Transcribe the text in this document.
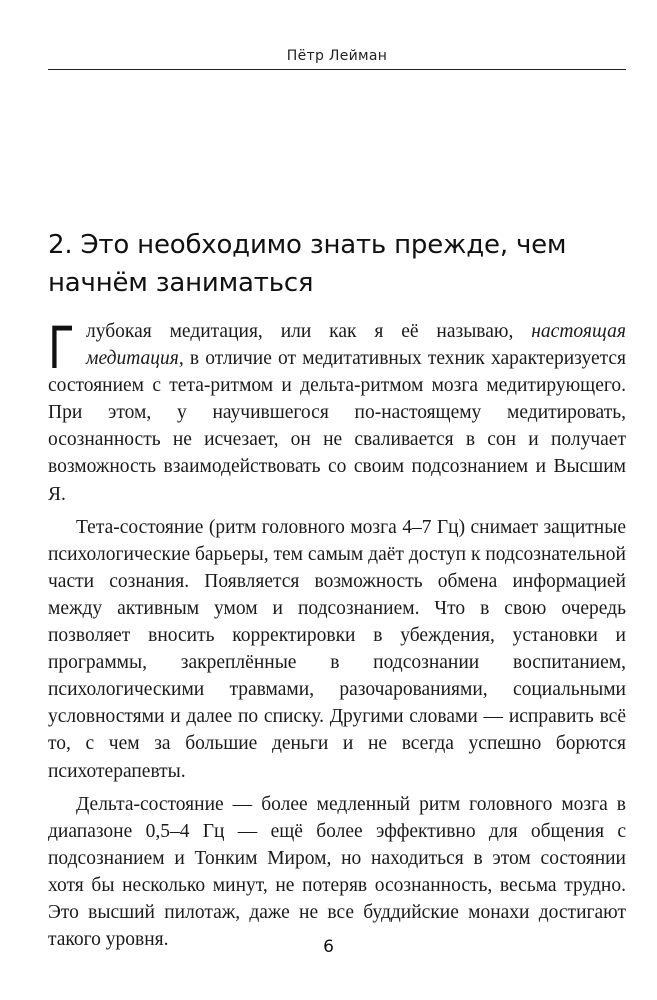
Пётр Лейман
2. Это необходимо знать прежде, чем начнём заниматься

Глубокая медитация, или как я её называю, настоящая медитация, в отличие от медитативных техник характеризуется состоянием с тета-ритмом и дельта-ритмом мозга медитирующего. При этом, у научившегося по-настоящему медитировать, осознанность не исчезает, он не сваливается в сон и получает возможность взаимодействовать со своим подсознанием и Высшим Я.

Тета-состояние (ритм головного мозга 4–7 Гц) снимает защитные психологические барьеры, тем самым даёт доступ к подсознательной части сознания. Появляется возможность обмена информацией между активным умом и подсознанием. Что в свою очередь позволяет вносить корректировки в убеждения, установки и программы, закреплённые в подсознании воспитанием, психологическими травмами, разочарованиями, социальными условностями и далее по списку. Другими словами — исправить всё то, с чем за большие деньги и не всегда успешно борются психотерапевты.

Дельта-состояние — более медленный ритм головного мозга в диапазоне 0,5–4 Гц — ещё более эффективно для общения с подсознанием и Тонким Миром, но находиться в этом состоянии хотя бы несколько минут, не потеряв осознанность, весьма трудно. Это высший пилотаж, даже не все буддийские монахи достигают такого уровня.	6
